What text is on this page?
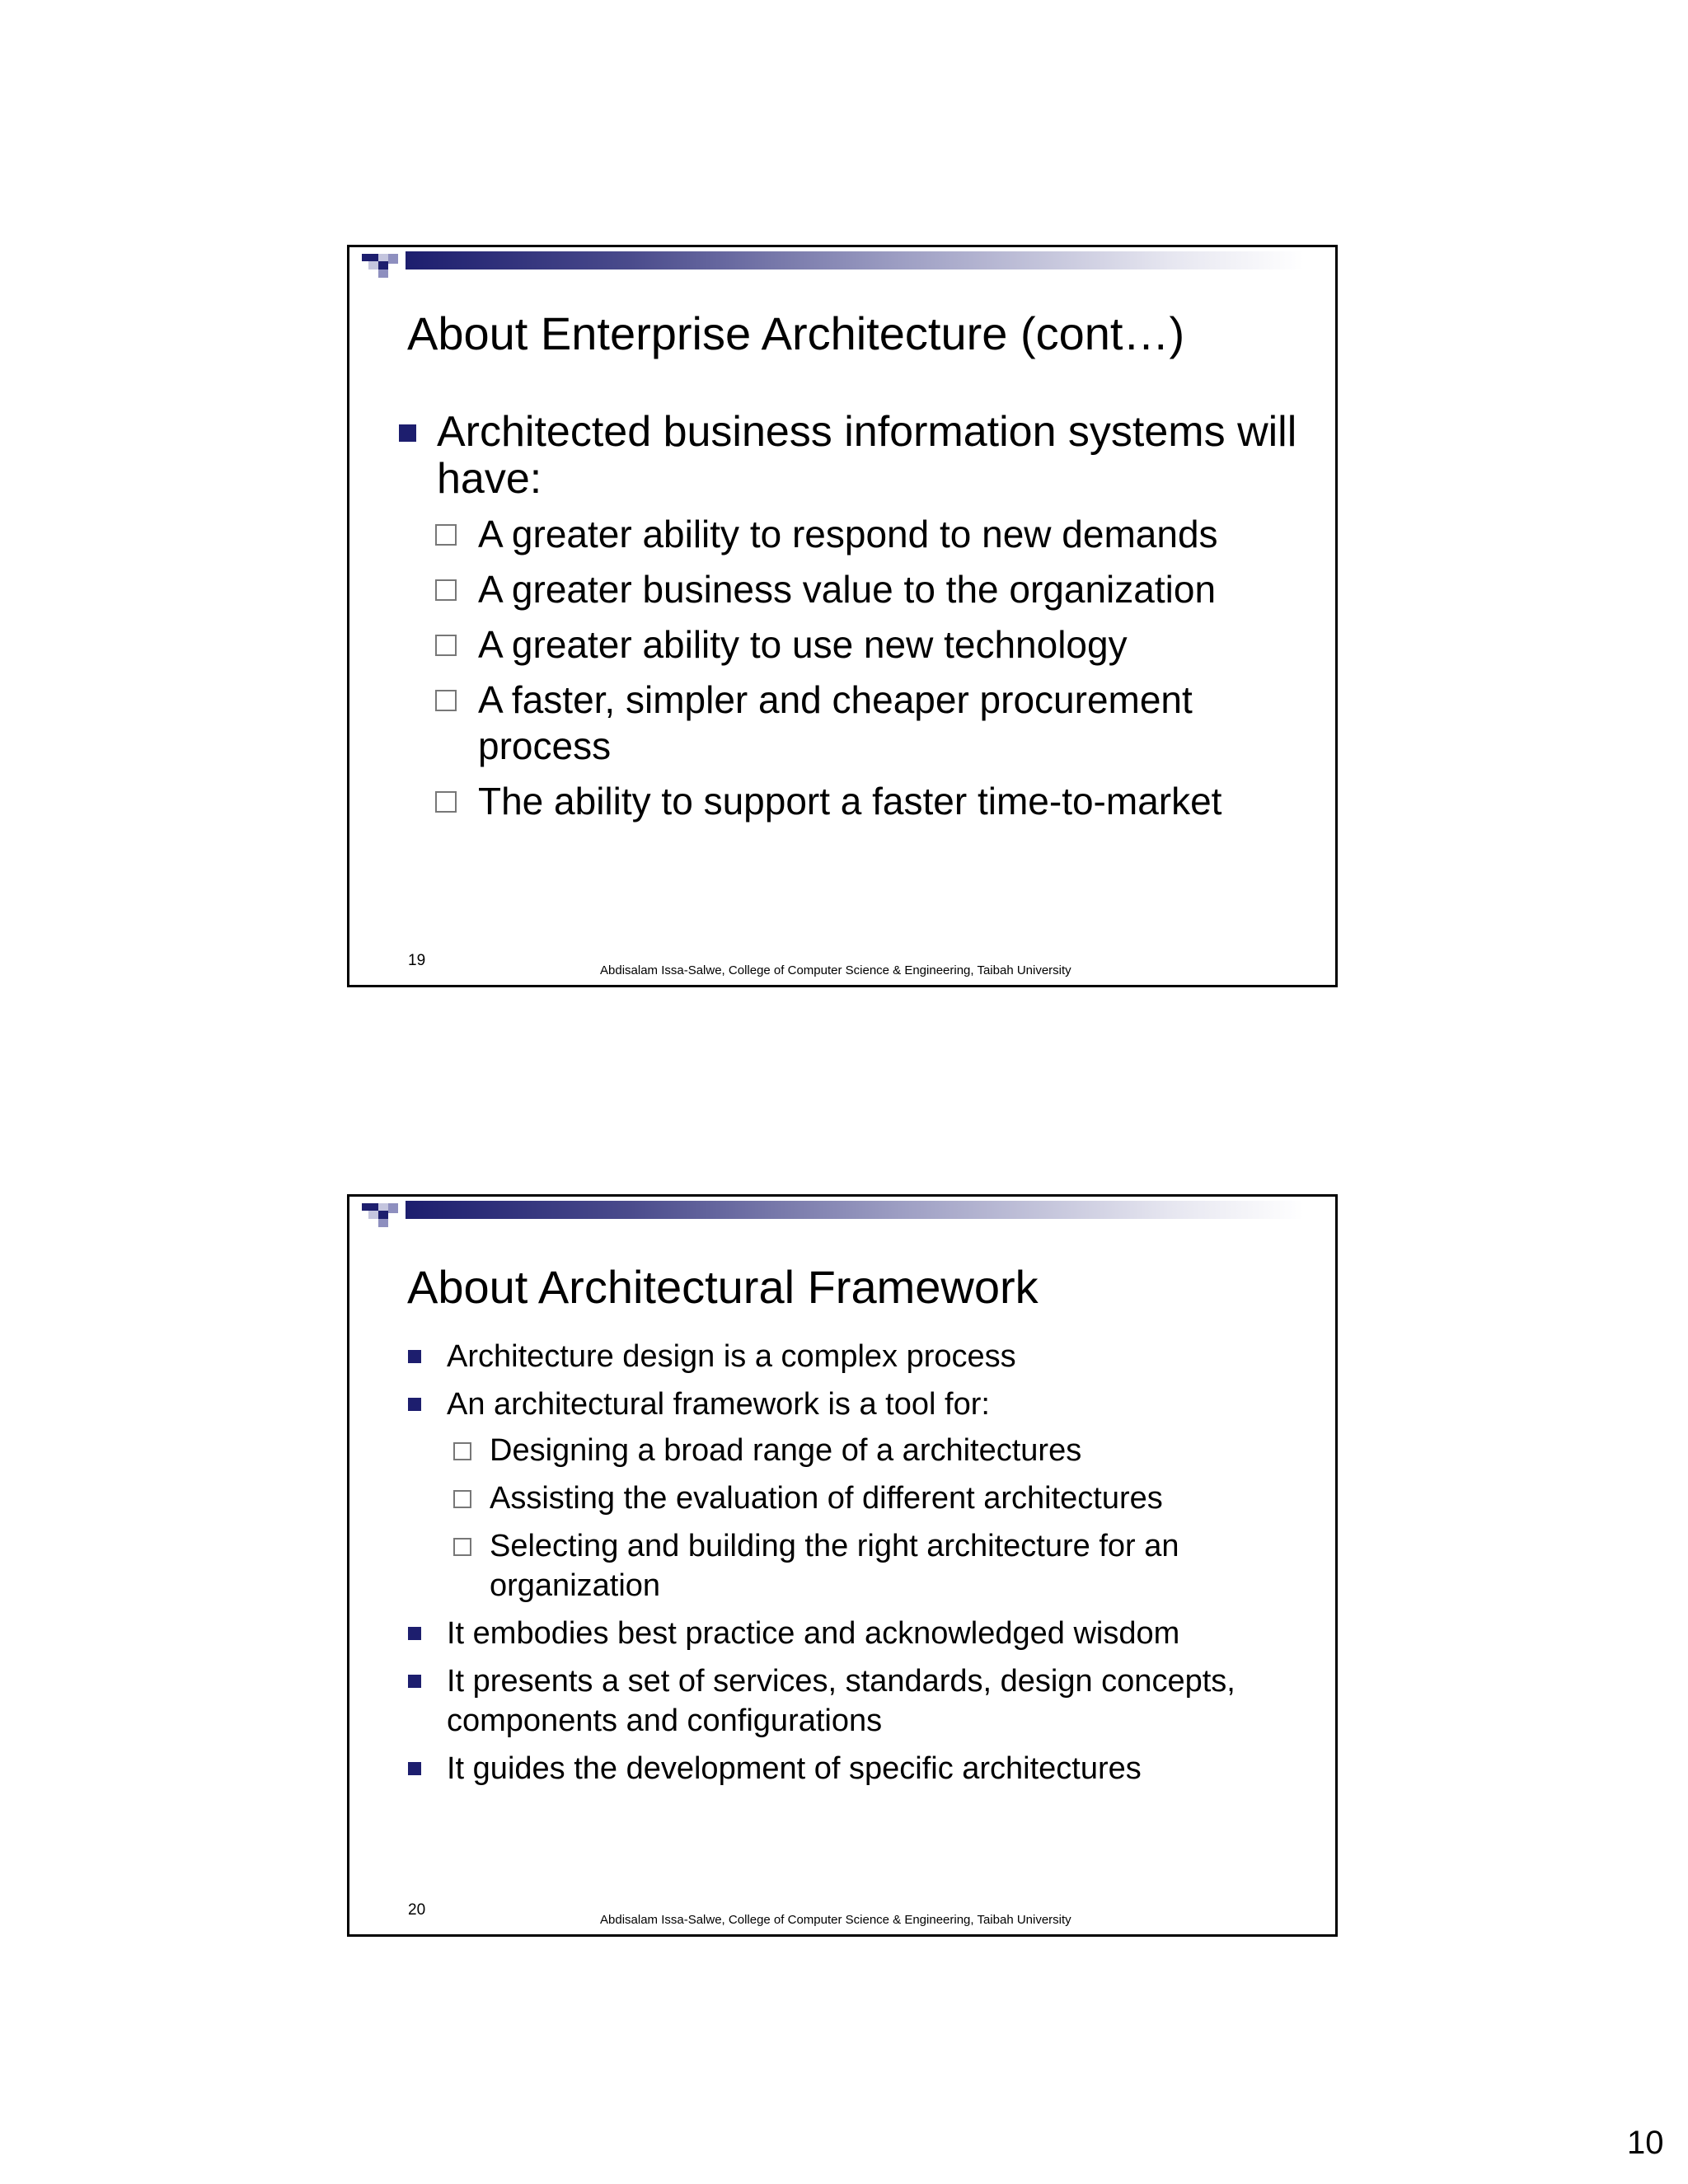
About Enterprise Architecture (cont…)
Architected business information systems will have:
A greater ability to respond to new demands
A greater business value to the organization
A greater ability to use new technology
A faster, simpler and cheaper procurement process
The ability to support a faster time-to-market
19
Abdisalam Issa-Salwe, College of Computer Science & Engineering, Taibah University
About Architectural Framework
Architecture design is a complex process
An architectural framework is a tool for:
Designing a broad range of a architectures
Assisting the evaluation of different architectures
Selecting and building the right architecture for an organization
It embodies best practice and acknowledged wisdom
It presents a set of services, standards, design concepts, components and configurations
It guides the development of specific architectures
20
Abdisalam Issa-Salwe, College of Computer Science & Engineering, Taibah University
10
